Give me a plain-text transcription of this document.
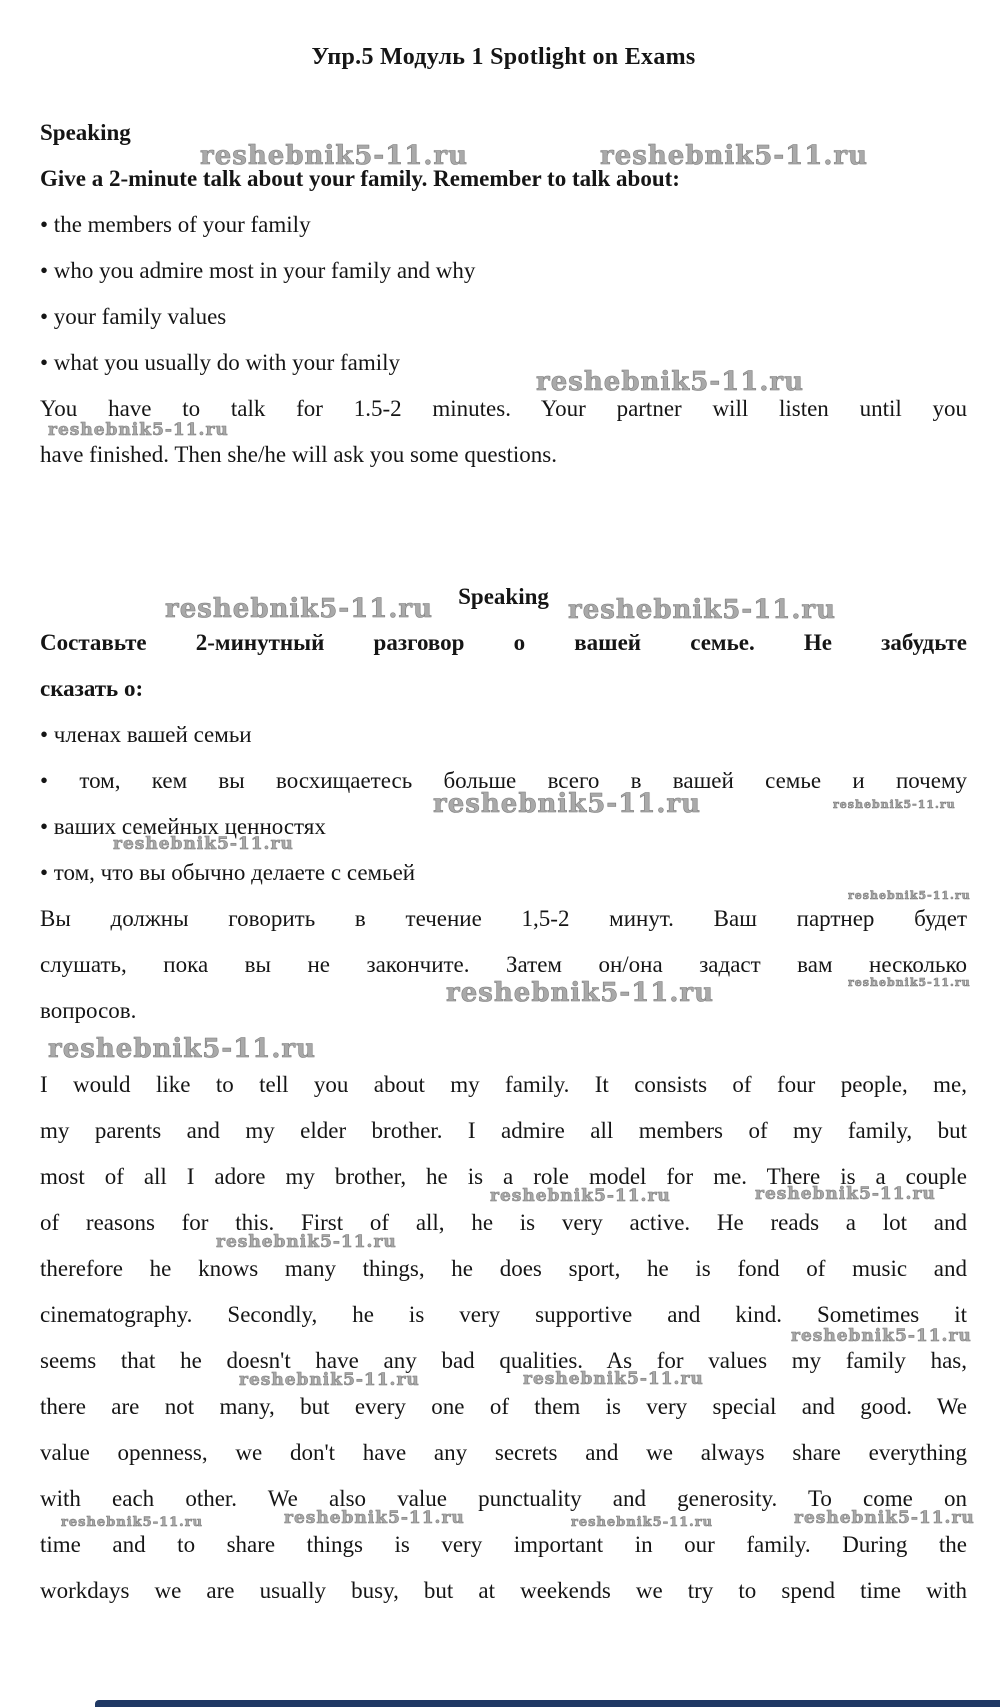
Упр.5 Модуль 1 Spotlight on Exams
Speaking
Give a 2-minute talk about your family. Remember to talk about:
• the members of your family
• who you admire most in your family and why
• your family values
• what you usually do with your family
You have to talk for 1.5-2 minutes. Your partner will listen until you
have finished. Then she/he will ask you some questions.
Speaking
Составьте 2-минутный разговор о вашей семье. Не забудьте
сказать о:
• членах вашей семьи
• том, кем вы восхищаетесь больше всего в вашей семье и почему
• ваших семейных ценностях
• том, что вы обычно делаете с семьей
Вы должны говорить в течение 1,5-2 минут. Ваш партнер будет
слушать, пока вы не закончите. Затем он/она задаст вам несколько
вопросов.
I would like to tell you about my family. It consists of four people, me,
my parents and my elder brother. I admire all members of my family, but
most of all I adore my brother, he is a role model for me. There is a couple
of reasons for this. First of all, he is very active. He reads a lot and
therefore he knows many things, he does sport, he is fond of music and
cinematography. Secondly, he is very supportive and kind. Sometimes it
seems that he doesn't have any bad qualities. As for values my family has,
there are not many, but every one of them is very special and good. We
value openness, we don't have any secrets and we always share everything
with each other. We also value punctuality and generosity. To come on
time and to share things is very important in our family. During the
workdays we are usually busy, but at weekends we try to spend time with
reshebnik5-11.ru	reshebnik5-11.ru
reshebnik5-11.ru
reshebnik5-11.ru
reshebnik5-11.ru	reshebnik5-11.ru
reshebnik5-11.ru	reshebnik5-11.ru
reshebnik5-11.ru
reshebnik5-11.ru
reshebnik5-11.ru
reshebnik5-11.ru
reshebnik5-11.ru
reshebnik5-11.ru	reshebnik5-11.ru
reshebnik5-11.ru
reshebnik5-11.ru
reshebnik5-11.ru	reshebnik5-11.ru
reshebnik5-11.ru	reshebnik5-11.ru	reshebnik5-11.ru	reshebnik5-11.ru
